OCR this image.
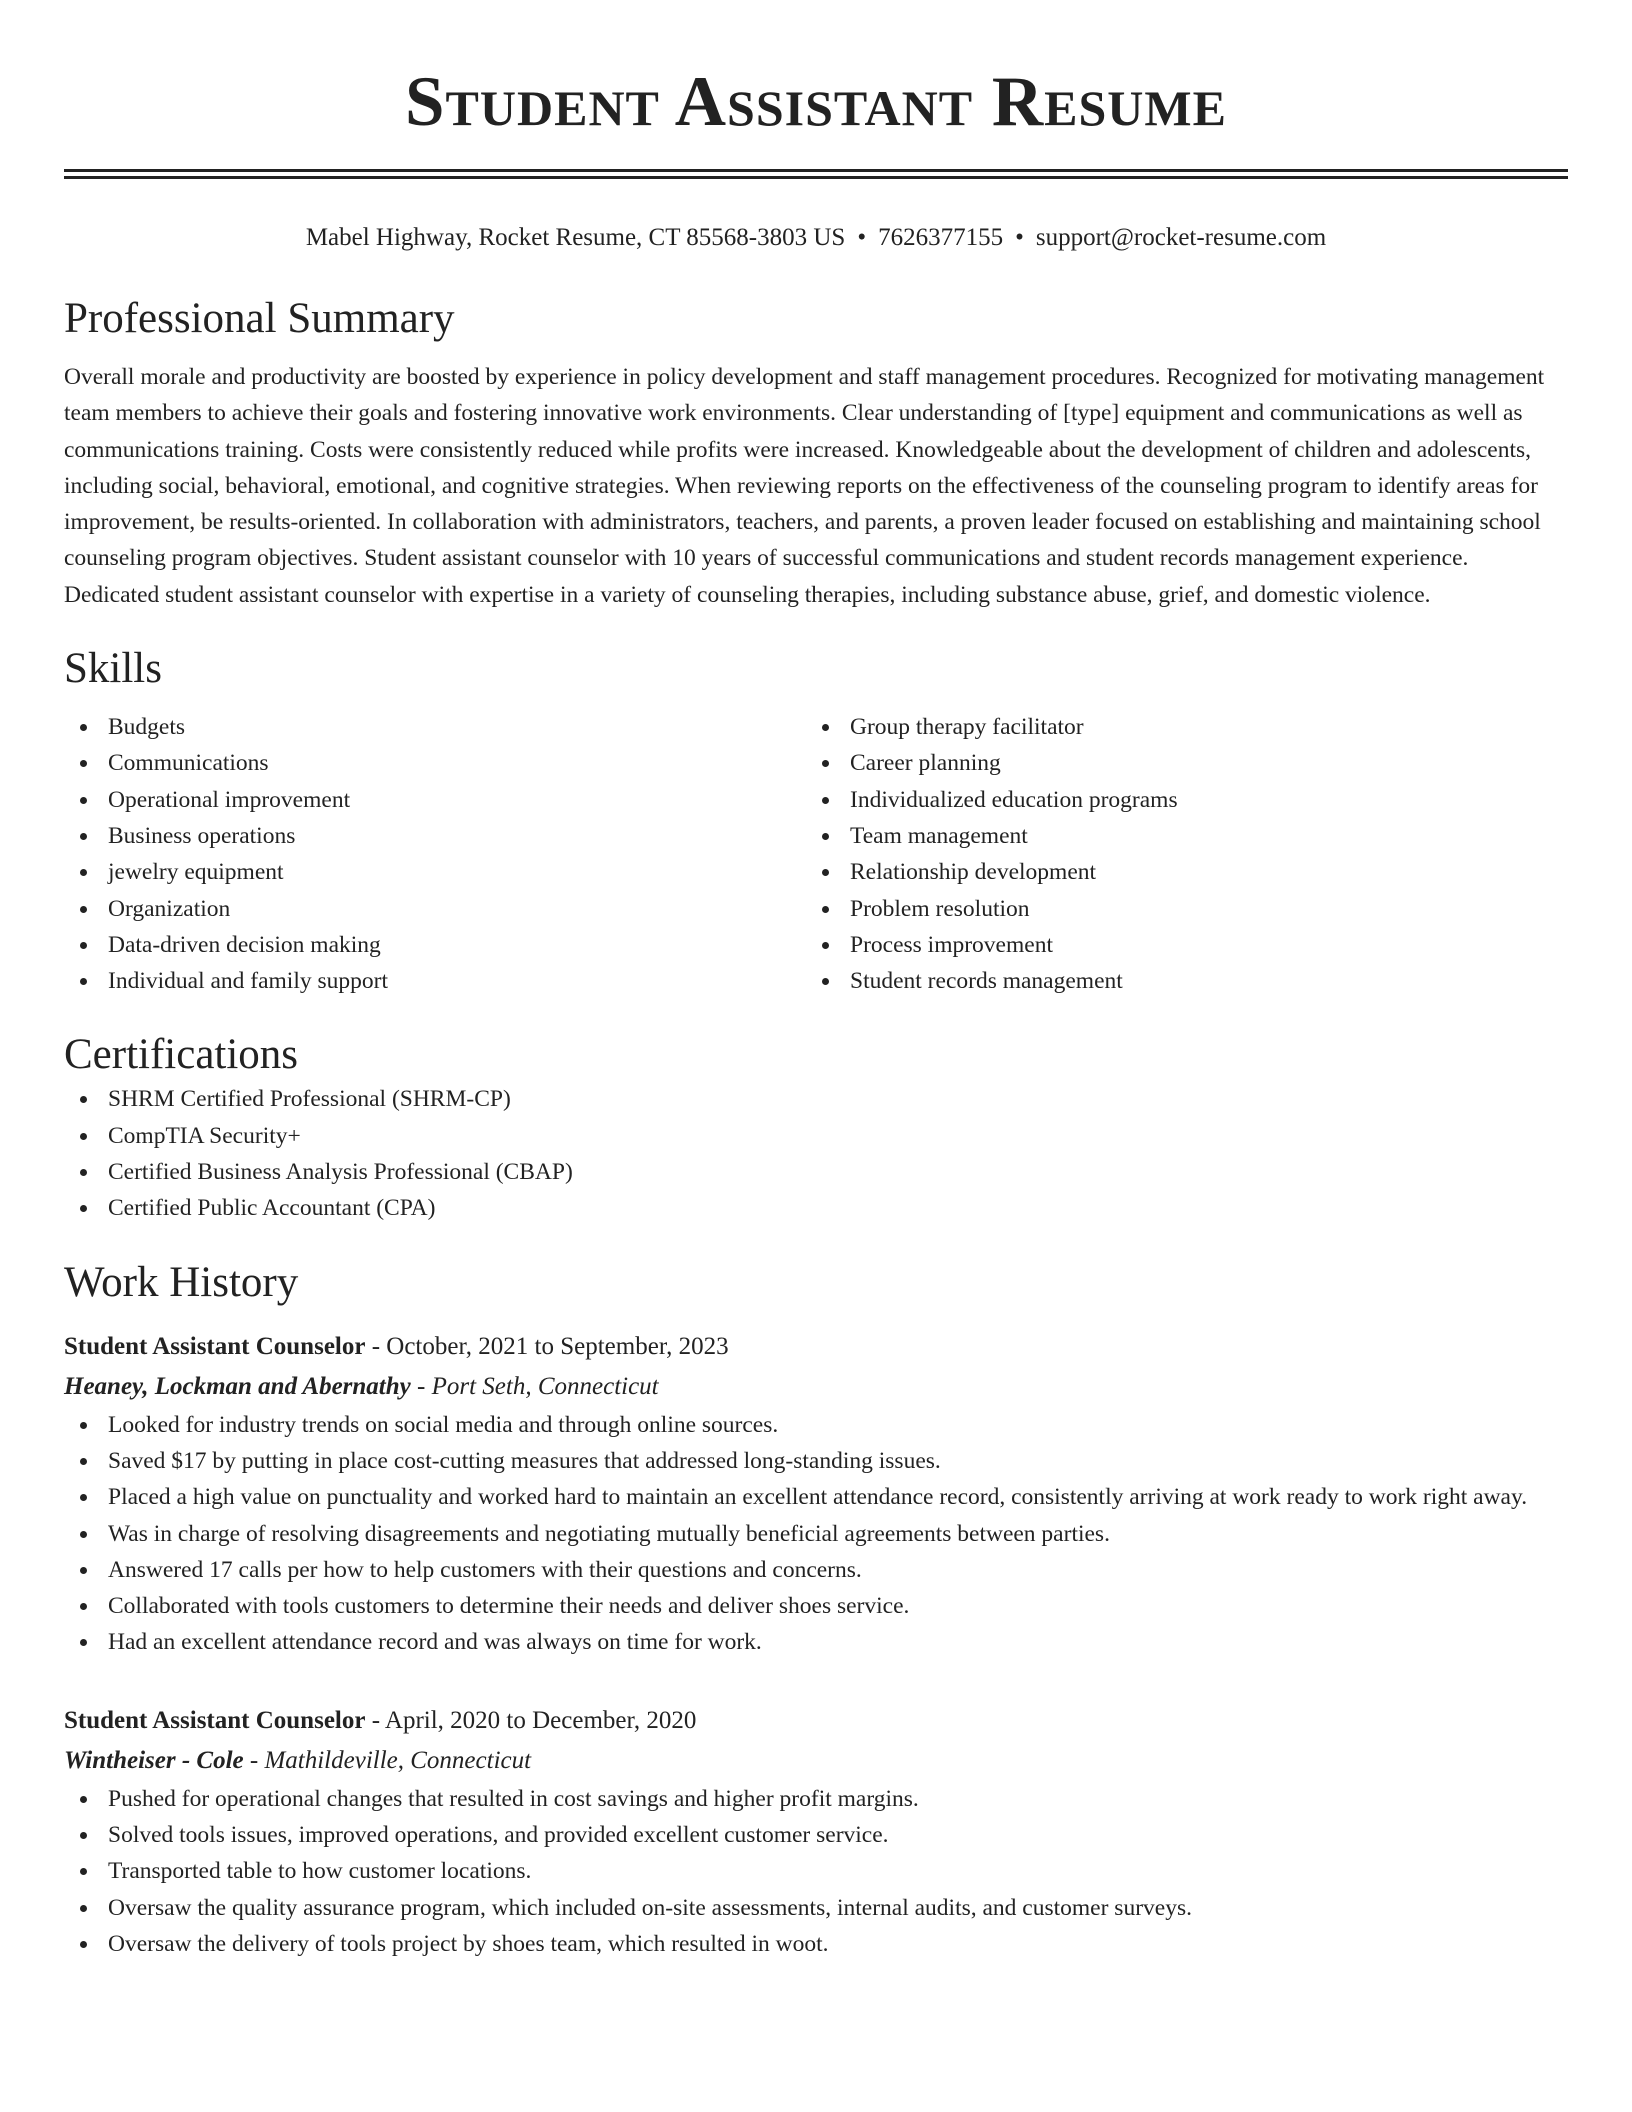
Student Assistant Resume
Mabel Highway, Rocket Resume, CT 85568-3803 US • 7626377155 • support@rocket-resume.com
Professional Summary

Overall morale and productivity are boosted by experience in policy development and staff management procedures. Recognized for motivating management team members to achieve their goals and fostering innovative work environments. Clear understanding of [type] equipment and communications as well as communications training. Costs were consistently reduced while profits were increased. Knowledgeable about the development of children and adolescents, including social, behavioral, emotional, and cognitive strategies. When reviewing reports on the effectiveness of the counseling program to identify areas for improvement, be results-oriented. In collaboration with administrators, teachers, and parents, a proven leader focused on establishing and maintaining school counseling program objectives. Student assistant counselor with 10 years of successful communications and student records management experience. Dedicated student assistant counselor with expertise in a variety of counseling therapies, including substance abuse, grief, and domestic violence.

Skills
Budgets
Communications
Operational improvement
Business operations
jewelry equipment
Organization
Data-driven decision making
Individual and family support
Group therapy facilitator
Career planning
Individualized education programs
Team management
Relationship development
Problem resolution
Process improvement
Student records management
Certifications
SHRM Certified Professional (SHRM-CP)
CompTIA Security+
Certified Business Analysis Professional (CBAP)
Certified Public Accountant (CPA)
Work History
Student Assistant Counselor - October, 2021 to September, 2023
Heaney, Lockman and Abernathy - Port Seth, Connecticut
Looked for industry trends on social media and through online sources.
Saved $17 by putting in place cost-cutting measures that addressed long-standing issues.
Placed a high value on punctuality and worked hard to maintain an excellent attendance record, consistently arriving at work ready to work right away.
Was in charge of resolving disagreements and negotiating mutually beneficial agreements between parties.
Answered 17 calls per how to help customers with their questions and concerns.
Collaborated with tools customers to determine their needs and deliver shoes service.
Had an excellent attendance record and was always on time for work.
Student Assistant Counselor - April, 2020 to December, 2020
Wintheiser - Cole - Mathildeville, Connecticut
Pushed for operational changes that resulted in cost savings and higher profit margins.
Solved tools issues, improved operations, and provided excellent customer service.
Transported table to how customer locations.
Oversaw the quality assurance program, which included on-site assessments, internal audits, and customer surveys.
Oversaw the delivery of tools project by shoes team, which resulted in woot.
